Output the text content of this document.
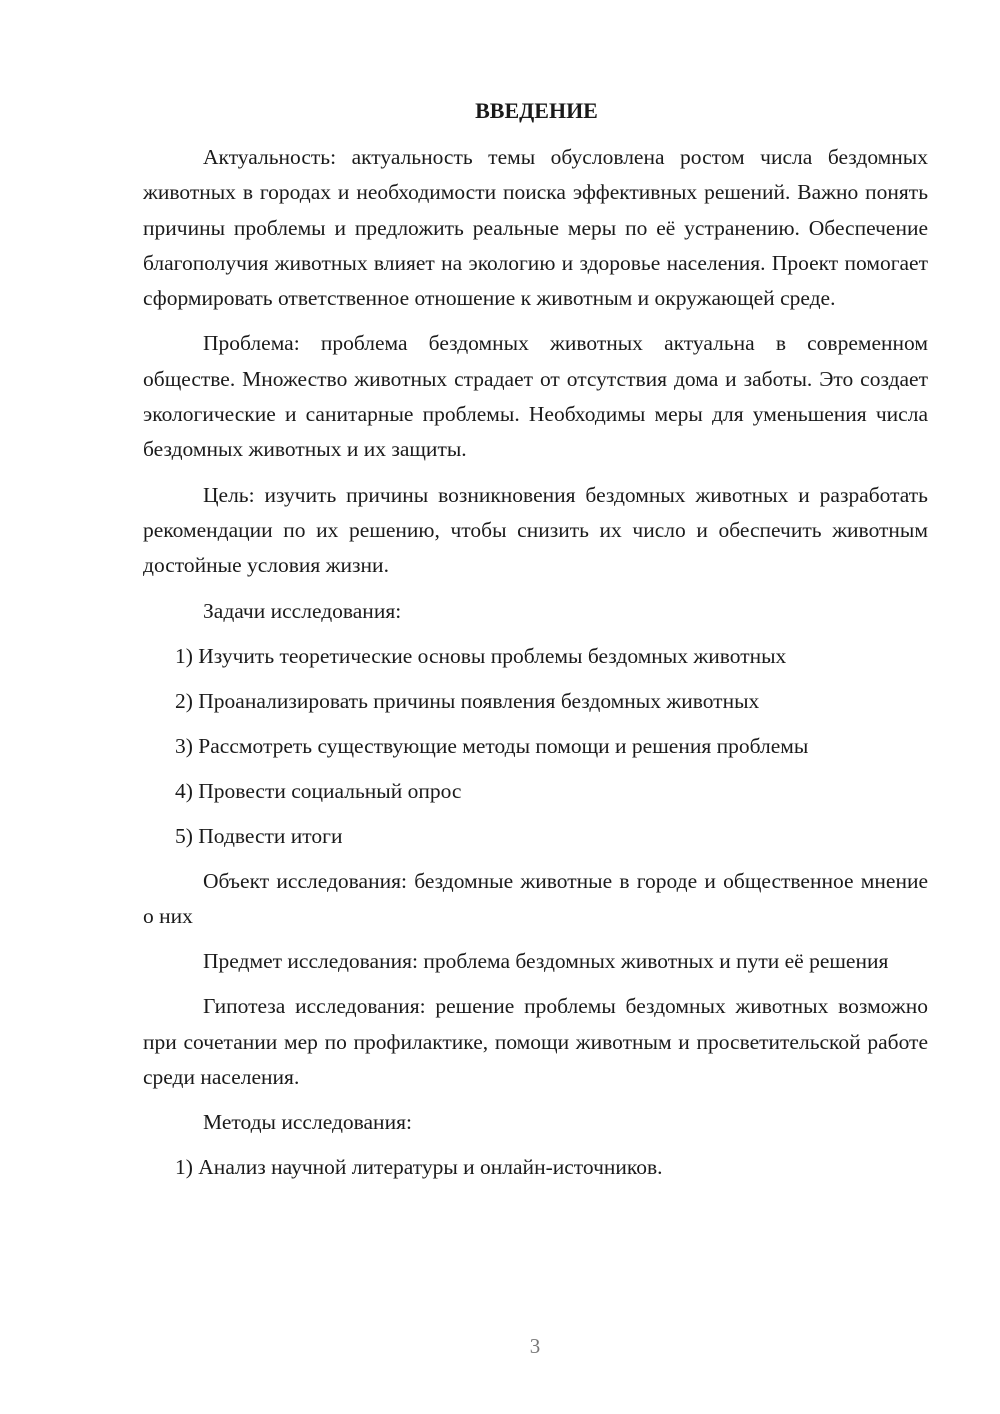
ВВЕДЕНИЕ

Актуальность: актуальность темы обусловлена ростом числа бездомных животных в городах и необходимости поиска эффективных решений. Важно понять причины проблемы и предложить реальные меры по её устранению. Обеспечение благополучия животных влияет на экологию и здоровье населения. Проект помогает сформировать ответственное отношение к животным и окружающей среде.

Проблема: проблема бездомных животных актуальна в современном обществе. Множество животных страдает от отсутствия дома и заботы. Это создает экологические и санитарные проблемы. Необходимы меры для уменьшения числа бездомных животных и их защиты.

Цель: изучить причины возникновения бездомных животных и разработать рекомендации по их решению, чтобы снизить их число и обеспечить животным достойные условия жизни.

Задачи исследования:
1) Изучить теоретические основы проблемы бездомных животных
2) Проанализировать причины появления бездомных животных
3) Рассмотреть существующие методы помощи и решения проблемы
4) Провести социальный опрос
5) Подвести итоги

Объект исследования: бездомные животные в городе и общественное мнение о них

Предмет исследования: проблема бездомных животных и пути её решения

Гипотеза исследования: решение проблемы бездомных животных возможно при сочетании мер по профилактике, помощи животным и просветительской работе среди населения.

Методы исследования:
1) Анализ научной литературы и онлайн-источников.
3
